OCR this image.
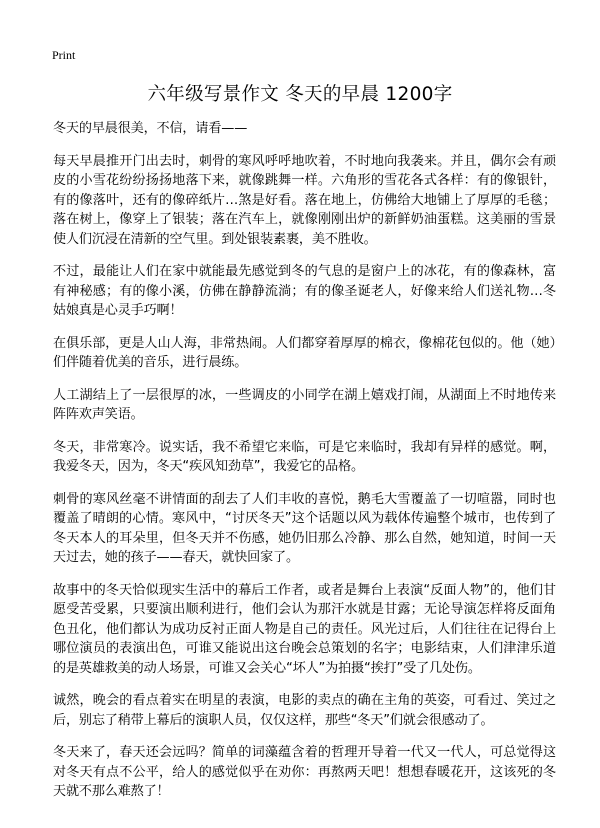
Print
六年级写景作文 冬天的早晨 1200字

冬天的早晨很美，不信，请看——

每天早晨推开门出去时，刺骨的寒风呼呼地吹着，不时地向我袭来。并且，偶尔会有顽皮的小雪花纷纷扬扬地落下来，就像跳舞一样。六角形的雪花各式各样：有的像银针，有的像落叶，还有的像碎纸片…煞是好看。落在地上，仿佛给大地铺上了厚厚的毛毯；落在树上，像穿上了银装；落在汽车上，就像刚刚出炉的新鲜奶油蛋糕。这美丽的雪景使人们沉浸在清新的空气里。到处银装素裹，美不胜收。

不过，最能让人们在家中就能最先感觉到冬的气息的是窗户上的冰花，有的像森林，富有神秘感；有的像小溪，仿佛在静静流淌；有的像圣诞老人，好像来给人们送礼物…冬姑娘真是心灵手巧啊！

在俱乐部，更是人山人海，非常热闹。人们都穿着厚厚的棉衣，像棉花包似的。他（她）们伴随着优美的音乐，进行晨练。

人工湖结上了一层很厚的冰，一些调皮的小同学在湖上嬉戏打闹，从湖面上不时地传来阵阵欢声笑语。

冬天，非常寒冷。说实话，我不希望它来临，可是它来临时，我却有异样的感觉。啊，我爱冬天，因为，冬天“疾风知劲草”，我爱它的品格。

刺骨的寒风丝毫不讲情面的刮去了人们丰收的喜悦，鹅毛大雪覆盖了一切喧嚣，同时也覆盖了晴朗的心情。寒风中，“讨厌冬天”这个话题以风为载体传遍整个城市，也传到了冬天本人的耳朵里，但冬天并不伤感，她仍旧那么冷静、那么自然，她知道，时间一天天过去，她的孩子——春天，就快回家了。

故事中的冬天恰似现实生活中的幕后工作者，或者是舞台上表演“反面人物”的，他们甘愿受苦受累，只要演出顺利进行，他们会认为那汗水就是甘露；无论导演怎样将反面角色丑化，他们都认为成功反衬正面人物是自己的责任。风光过后，人们往往在记得台上哪位演员的表演出色，可谁又能说出这台晚会总策划的名字；电影结束，人们津津乐道的是英雄救美的动人场景，可谁又会关心“坏人”为拍摄“挨打”受了几处伤。

诚然，晚会的看点着实在明星的表演，电影的卖点的确在主角的英姿，可看过、笑过之后，别忘了稍带上幕后的演职人员，仅仅这样，那些“冬天”们就会很感动了。

冬天来了，春天还会远吗？简单的词藻蕴含着的哲理开导着一代又一代人，可总觉得这对冬天有点不公平，给人的感觉似乎在劝你：再熬两天吧！想想春暖花开，这该死的冬天就不那么难熬了！
